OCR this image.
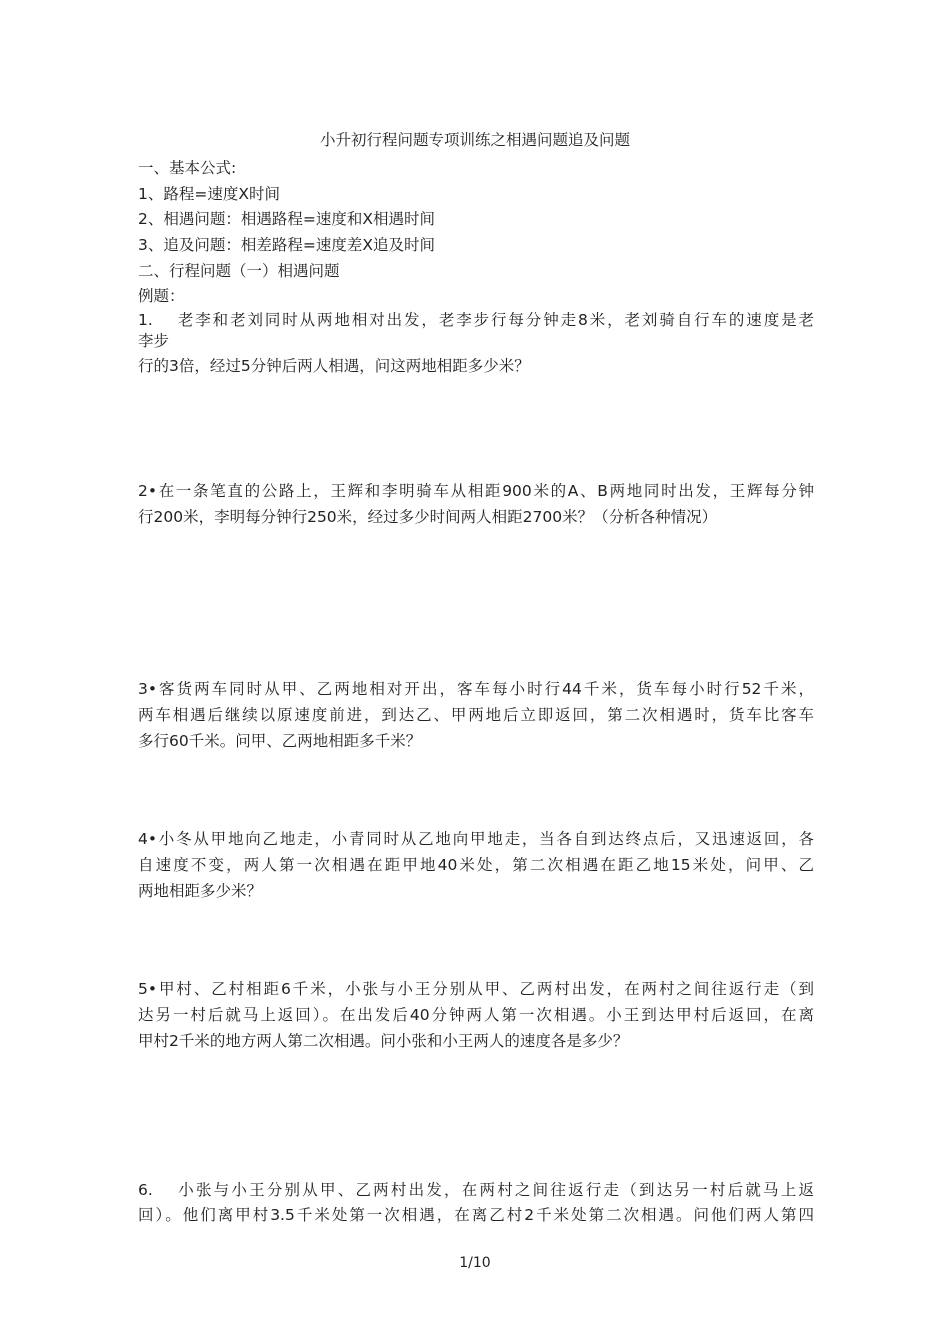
小升初行程问题专项训练之相遇问题追及问题
一、基本公式:
1、路程=速度X时间
2、相遇问题：相遇路程=速度和X相遇时间
3、追及问题：相差路程=速度差X追及时间
二、行程问题（一）相遇问题
例题：
1. 老李和老刘同时从两地相对出发，老李步行每分钟走8米，老刘骑自行车的速度是老
李步
行的3倍，经过5分钟后两人相遇，问这两地相距多少米？
2•在一条笔直的公路上，王辉和李明骑车从相距900米的A、B两地同时出发，王辉每分钟
行200米，李明每分钟行250米，经过多少时间两人相距2700米？（分析各种情况）
3•客货两车同时从甲、乙两地相对开出，客车每小时行44千米，货车每小时行52千米，
两车相遇后继续以原速度前进，到达乙、甲两地后立即返回，第二次相遇时，货车比客车
多行60千米。问甲、乙两地相距多千米？
4•小冬从甲地向乙地走，小青同时从乙地向甲地走，当各自到达终点后，又迅速返回，各
自速度不变，两人第一次相遇在距甲地40米处，第二次相遇在距乙地15米处，问甲、乙
两地相距多少米？
5•甲村、乙村相距6千米，小张与小王分别从甲、乙两村出发，在两村之间往返行走（到
达另一村后就马上返回）。在出发后40分钟两人第一次相遇。小王到达甲村后返回，在离
甲村2千米的地方两人第二次相遇。问小张和小王两人的速度各是多少？
6. 小张与小王分别从甲、乙两村出发，在两村之间往返行走（到达另一村后就马上返
回）。他们离甲村3.5千米处第一次相遇，在离乙村2千米处第二次相遇。问他们两人第四
1/10
